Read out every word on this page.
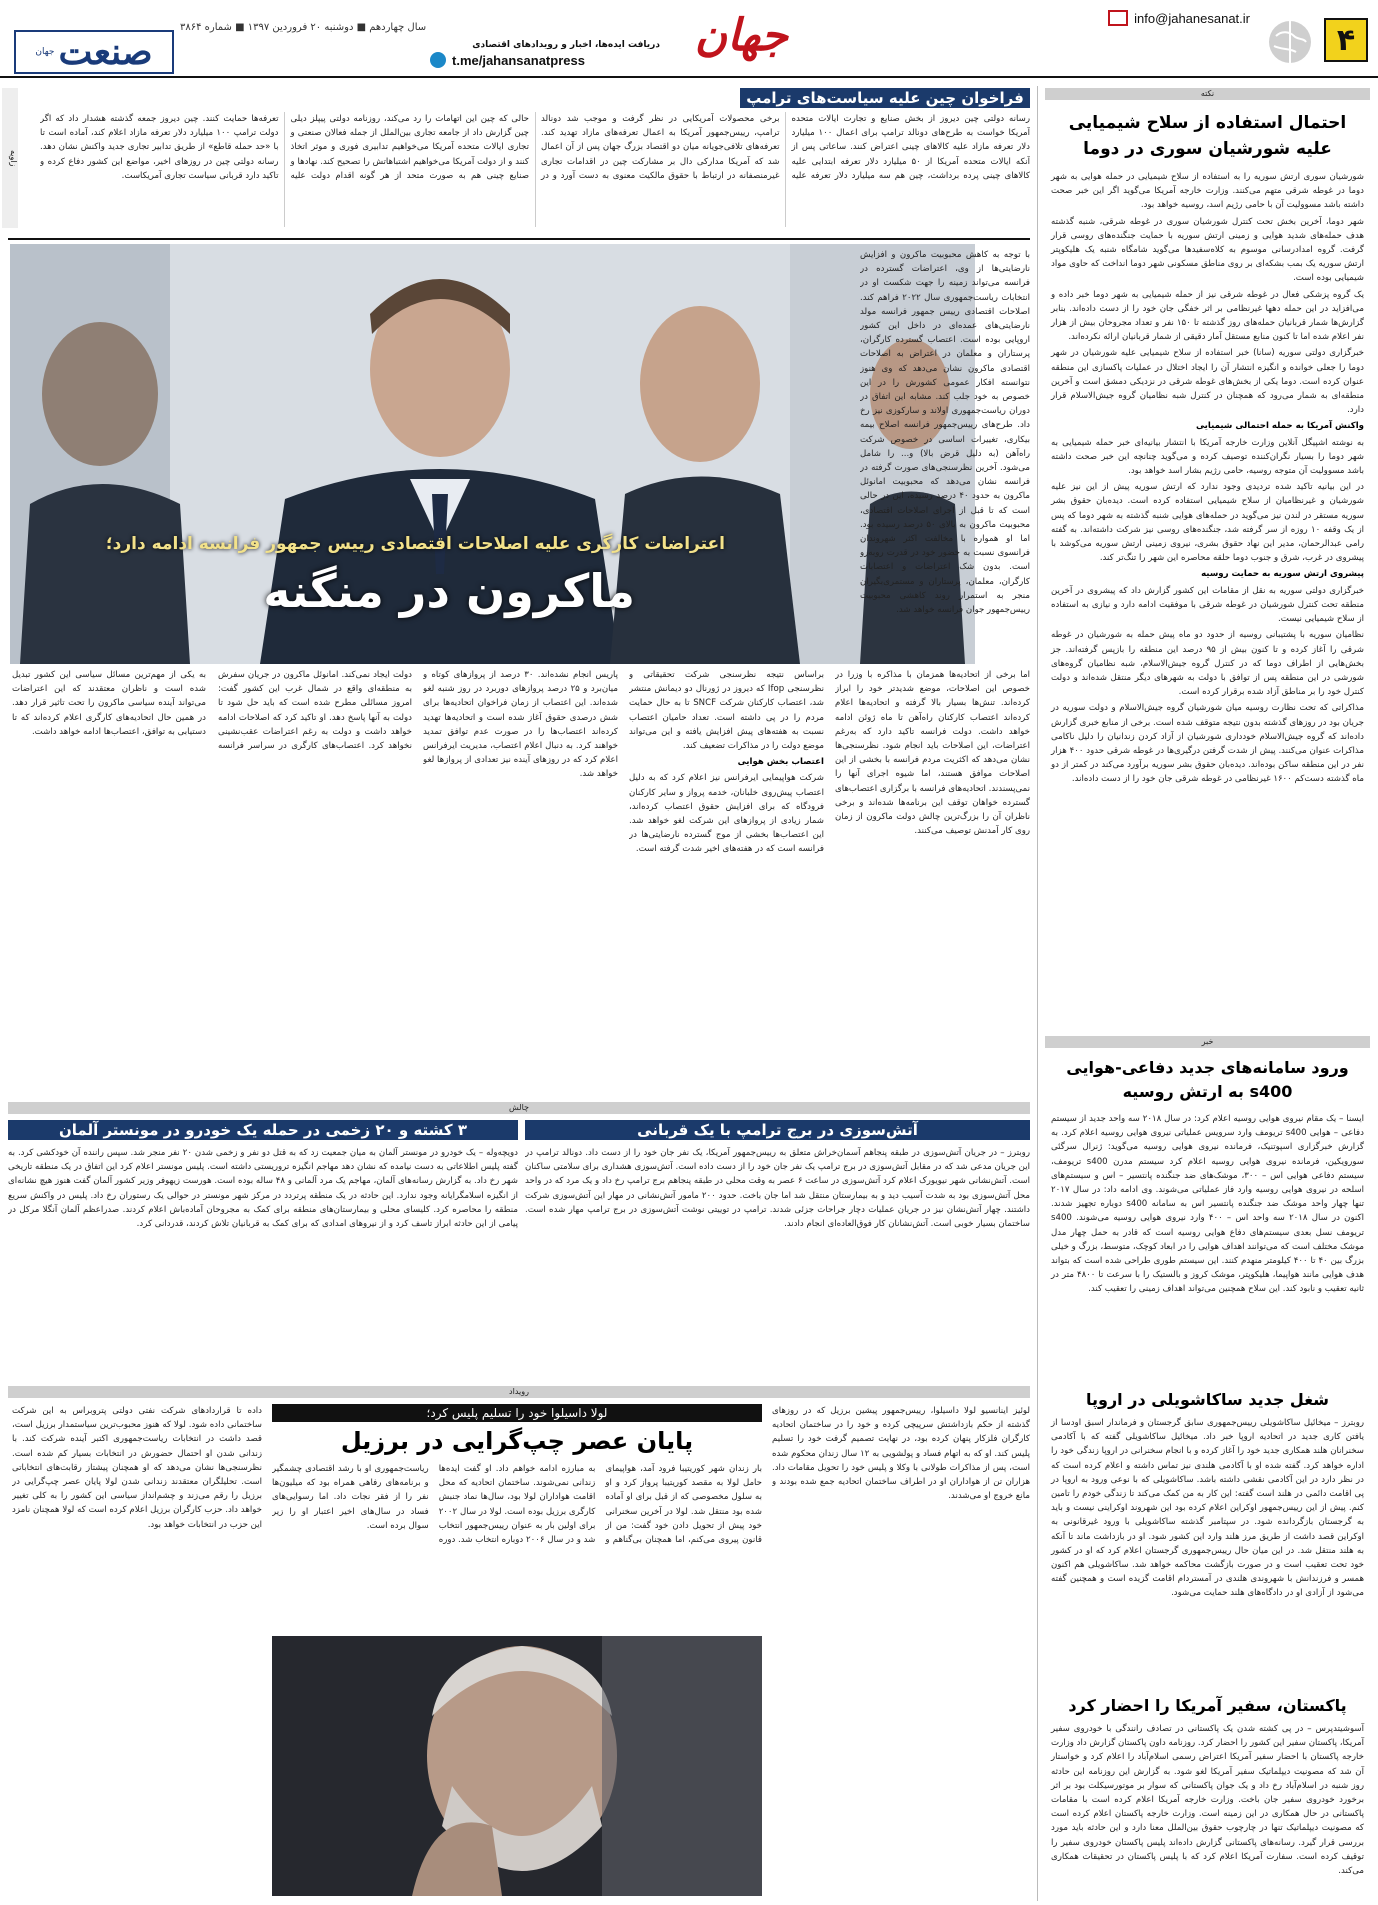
۴
info@jahanesanat.ir
جهان
دریافت ایده‌ها، اخبار و رویدادهای اقتصادی
t.me/jahansanatpress
سال چهاردهم ■ دوشنبه ۲۰ فروردین ۱۳۹۷ ■ شماره ۳۸۶۴
صنعت
جهان
نکته
احتمال استفاده از سلاح شیمیایی علیه شورشیان سوری در دوما

شورشیان سوری ارتش سوریه را به استفاده از سلاح شیمیایی در حمله هوایی به شهر دوما در غوطه شرقی متهم می‌کنند. وزارت خارجه آمریکا می‌گوید اگر این خبر صحت داشته باشد مسوولیت آن با حامی رژیم اسد، روسیه خواهد بود.

شهر دوما، آخرین بخش تحت کنترل شورشیان سوری در غوطه شرقی، شنبه گذشته هدف حمله‌های شدید هوایی و زمینی ارتش سوریه با حمایت جنگنده‌های روسی قرار گرفت. گروه امدادرسانی موسوم به کلاه‌سفیدها می‌گوید شامگاه شنبه یک هلیکوپتر ارتش سوریه یک بمب بشکه‌ای بر روی مناطق مسکونی شهر دوما انداخت که حاوی مواد شیمیایی بوده است.

یک گروه پزشکی فعال در غوطه شرقی نیز از حمله شیمیایی به شهر دوما خبر داده و می‌افزاید در این حمله دهها غیرنظامی بر اثر خفگی جان خود را از دست داده‌اند. بنابر گزارش‌ها شمار قربانیان حمله‌های روز گذشته تا ۱۵۰ نفر و تعداد مجروحان بیش از هزار نفر اعلام شده اما تا کنون منابع مستقل آمار دقیقی از شمار قربانیان ارائه نکرده‌اند.

خبرگزاری دولتی سوریه (سانا) خبر استفاده از سلاح شیمیایی علیه شورشیان در شهر دوما را جعلی خوانده و انگیزه انتشار آن را ایجاد اختلال در عملیات پاکسازی این منطقه عنوان کرده است. دوما یکی از بخش‌های غوطه شرقی در نزدیکی دمشق است و آخرین منطقه‌ای به شمار می‌رود که همچنان در کنترل شبه نظامیان گروه جیش‌الاسلام قرار دارد.

واکنش آمریکا به حمله احتمالی شیمیایی

به نوشته اشپیگل آنلاین وزارت خارجه آمریکا با انتشار بیانیه‌ای خبر حمله شیمیایی به شهر دوما را بسیار نگران‌کننده توصیف کرده و می‌گوید چنانچه این خبر صحت داشته باشد مسوولیت آن متوجه روسیه، حامی رژیم بشار اسد خواهد بود.

در این بیانیه تاکید شده تردیدی وجود ندارد که ارتش سوریه پیش از این نیز علیه شورشیان و غیرنظامیان از سلاح شیمیایی استفاده کرده است. دیده‌بان حقوق بشر سوریه مستقر در لندن نیز می‌گوید در حمله‌های هوایی شنبه گذشته به شهر دوما که پس از یک وقفه ۱۰ روزه از سر گرفته شد، جنگنده‌های روسی نیز شرکت داشته‌اند. به گفته رامی عبدالرحمان، مدیر این نهاد حقوق بشری، نیروی زمینی ارتش سوریه می‌کوشد با پیشروی در غرب، شرق و جنوب دوما حلقه محاصره این شهر را تنگ‌تر کند.

پیشروی ارتش سوریه به حمایت روسیه

خبرگزاری دولتی سوریه به نقل از مقامات این کشور گزارش داد که پیشروی در آخرین منطقه تحت کنترل شورشیان در غوطه شرقی با موفقیت ادامه دارد و نیازی به استفاده از سلاح شیمیایی نیست.

نظامیان سوریه با پشتیبانی روسیه از حدود دو ماه پیش حمله به شورشیان در غوطه شرقی را آغاز کرده و تا کنون بیش از ۹۵ درصد این منطقه را بازپس گرفته‌اند. جز بخش‌هایی از اطراف دوما که در کنترل گروه جیش‌الاسلام، شبه نظامیان گروه‌های شورشی در این منطقه پس از توافق با دولت به شهرهای دیگر منتقل شده‌اند و دولت کنترل خود را بر مناطق آزاد شده برقرار کرده است.

مذاکراتی که تحت نظارت روسیه میان شورشیان گروه جیش‌الاسلام و دولت سوریه در جریان بود در روزهای گذشته بدون نتیجه متوقف شده است. برخی از منابع خبری گزارش داده‌اند که گروه جیش‌الاسلام خودداری شورشیان از آزاد کردن زندانیان را دلیل ناکامی مذاکرات عنوان می‌کنند. پیش از شدت گرفتن درگیری‌ها در غوطه شرقی حدود ۴۰۰ هزار نفر در این منطقه ساکن بوده‌اند. دیده‌بان حقوق بشر سوریه برآورد می‌کند در کمتر از دو ماه گذشته دست‌کم ۱۶۰۰ غیرنظامی در غوطه شرقی جان خود را از دست داده‌اند.

خبر
ورود سامانه‌های جدید دفاعی-هوایی s400 به ارتش روسیه
ایسنا – یک مقام نیروی هوایی روسیه اعلام کرد: در سال ۲۰۱۸ سه واحد جدید از سیستم دفاعی – هوایی s400 تریومف وارد سرویس عملیاتی نیروی هوایی روسیه اعلام کرد. به گزارش خبرگزاری اسپوتنیک، فرمانده نیروی هوایی روسیه می‌گوید: ژنرال سرگئی سورویکین، فرمانده نیروی هوایی روسیه اعلام کرد سیستم مدرن s400 تریومف، سیستم دفاعی هوایی اس – ۳۰۰، موشک‌های ضد جنگنده پانتسیر – اس و سیستم‌های اسلحه در نیروی هوایی روسیه وارد فاز عملیاتی می‌شوند. وی ادامه داد: در سال ۲۰۱۷ تنها چهار واحد موشک ضد جنگنده پانتسیر اس به سامانه s400 دوباره تجهیز شدند. اکنون در سال ۲۰۱۸ سه واحد اس – ۴۰۰ وارد نیروی هوایی روسیه می‌شوند. s400 تریومف نسل بعدی سیستم‌های دفاع هوایی روسیه است که قادر به حمل چهار مدل موشک مختلف است که می‌توانند اهداف هوایی را در ابعاد کوچک، متوسط، بزرگ و خیلی بزرگ بین ۴۰ تا ۴۰۰ کیلومتر منهدم کنند. این سیستم طوری طراحی شده است که بتواند هدف هوایی مانند هواپیما، هلیکوپتر، موشک کروز و بالستیک را با سرعت تا ۴۸۰۰ متر در ثانیه تعقیب و نابود کند. این سلاح همچنین می‌تواند اهداف زمینی را تعقیب کند.
شغل جدید ساکاشویلی در اروپا
روبترز – میخائیل ساکاشویلی رییس‌جمهوری سابق گرجستان و فرماندار اسبق اودسا از یافتن کاری جدید در اتحادیه اروپا خبر داد. میخائیل ساکاشویلی گفته که با آکادمی سخنرانان هلند همکاری جدید خود را آغاز کرده و با انجام سخنرانی در اروپا زندگی خود را اداره خواهد کرد. گفته شده او با آکادمی هلندی نیز تماس داشته و اعلام کرده است که در نظر دارد در این آکادمی نقشی داشته باشد. ساکاشویلی که با نوعی ورود به اروپا در پی اقامت دائمی در هلند است گفته: این کار به من کمک می‌کند تا زندگی خودم را تامین کنم. پیش از این رییس‌جمهور اوکراین اعلام کرده بود این شهروند اوکراینی نیست و باید به گرجستان بازگردانده شود. در سپتامبر گذشته ساکاشویلی با ورود غیرقانونی به اوکراین قصد داشت از طریق مرز هلند وارد این کشور شود. او در بازداشت ماند تا آنکه به هلند منتقل شد. در این میان حال رییس‌جمهوری گرجستان اعلام کرد که او در کشور خود تحت تعقیب است و در صورت بازگشت محاکمه خواهد شد. ساکاشویلی هم اکنون همسر و فرزندانش با شهروندی هلندی در آمستردام اقامت گزیده است و همچنین گفته می‌شود از آزادی او در دادگاه‌های هلند حمایت می‌شود.
پاکستان، سفیر آمریکا را احضار کرد
آسوشیتدپرس – در پی کشته شدن یک پاکستانی در تصادف رانندگی با خودروی سفیر آمریکا، پاکستان سفیر این کشور را احضار کرد. روزنامه داون پاکستان گزارش داد وزارت خارجه پاکستان با احضار سفیر آمریکا اعتراض رسمی اسلام‌آباد را اعلام کرد و خواستار آن شد که مصونیت دیپلماتیک سفیر آمریکا لغو شود. به گزارش این روزنامه این حادثه روز شنبه در اسلام‌آباد رخ داد و یک جوان پاکستانی که سوار بر موتورسیکلت بود بر اثر برخورد خودروی سفیر جان باخت. وزارت خارجه آمریکا اعلام کرده است با مقامات پاکستانی در حال همکاری در این زمینه است. وزارت خارجه پاکستان اعلام کرده است که مصونیت دیپلماتیک تنها در چارچوب حقوق بین‌الملل معنا دارد و این حادثه باید مورد بررسی قرار گیرد. رسانه‌های پاکستانی گزارش داده‌اند پلیس پاکستان خودروی سفیر را توقیف کرده است. سفارت آمریکا اعلام کرد که با پلیس پاکستان در تحقیقات همکاری می‌کند.
فراخوان چین علیه سیاست‌های ترامپ
رسانه دولتی چین دیروز از بخش صنایع و تجارت ایالات متحده آمریکا خواست به طرح‌های دونالد ترامپ برای اعمال ۱۰۰ میلیارد دلار تعرفه مازاد علیه کالاهای چینی اعتراض کنند. ساعاتی پس از آنکه ایالات متحده آمریکا از ۵۰ میلیارد دلار تعرفه ابتدایی علیه کالاهای چینی پرده برداشت، چین هم سه میلیارد دلار تعرفه علیه برخی محصولات آمریکایی در نظر گرفت و موجب شد دونالد ترامپ، رییس‌جمهور آمریکا به اعمال تعرفه‌های مازاد تهدید کند. تعرفه‌های تلافی‌جویانه میان دو اقتصاد بزرگ جهان پس از آن اعمال شد که آمریکا مدارکی دال بر مشارکت چین در اقدامات تجاری غیرمنصفانه در ارتباط با حقوق مالکیت معنوی به دست آورد و در حالی که چین این اتهامات را رد می‌کند، روزنامه دولتی پیپلز دیلی چین گزارش داد از جامعه تجاری بین‌الملل از جمله فعالان صنعتی و تجاری ایالات متحده آمریکا می‌خواهیم تدابیری فوری و موثر اتخاذ کنند و از دولت آمریکا می‌خواهیم اشتباهاتش را تصحیح کند. نهادها و صنایع چینی هم به صورت متحد از هر گونه اقدام دولت علیه تعرفه‌ها حمایت کنند. چین دیروز جمعه گذشته هشدار داد که اگر دولت ترامپ ۱۰۰ میلیارد دلار تعرفه مازاد اعلام کند، آماده است تا با «حد حمله قاطع» از طریق تدابیر تجاری جدید واکنش نشان دهد. رسانه دولتی چین در روزهای اخیر، مواضع این کشور دفاع کرده و تاکید دارد قربانی سیاست تجاری آمریکاست.
زاویه
اعتراضات کارگری علیه اصلاحات اقتصادی رییس جمهور فرانسه ادامه دارد؛
ماکرون در منگنه
با توجه به کاهش محبوبیت ماکرون و افزایش نارضایتی‌ها از وی، اعتراضات گسترده در فرانسه می‌تواند زمینه را جهت شکست او در انتخابات ریاست‌جمهوری سال ۲۰۲۲ فراهم کند. اصلاحات اقتصادی رییس جمهور فرانسه مولد نارضایتی‌های عمده‌ای در داخل این کشور اروپایی بوده است. اعتصاب گسترده کارگران، پرستاران و معلمان در اعتراض به اصلاحات اقتصادی ماکرون نشان می‌دهد که وی هنوز نتوانسته افکار عمومی کشورش را در این خصوص به خود جلب کند. مشابه این اتفاق در دوران ریاست‌جمهوری اولاند و سارکوزی نیز رخ داد. طرح‌های رییس‌جمهور فرانسه اصلاح بیمه بیکاری، تغییرات اساسی در خصوص شرکت راه‌آهن (به دلیل قرض بالا) و... را شامل می‌شود. آخرین نظرسنجی‌های صورت گرفته در فرانسه نشان می‌دهد که محبوبیت امانوئل ماکرون به حدود ۴۰ درصد رسیده، این در حالی است که تا قبل از اجرای اصلاحات اقتصادی، محبوبیت ماکرون به بالای ۵۰ درصد رسیده بود. اما او همواره با مخالفت اکثر شهروندان فرانسوی نسبت به حضور خود در قدرت روبه‌رو است. بدون شک اعتراضات و اعتصابات کارگران، معلمان، پرستاران و مستمری‌بگیران منجر به استمرار روند کاهشی محبوبیت رییس‌جمهور جوان فرانسه خواهد شد.
اما برخی از اتحادیه‌ها همزمان با مذاکره با وزرا در خصوص این اصلاحات، موضع شدیدتر خود را ابراز کرده‌اند. تنش‌ها بسیار بالا گرفته و اتحادیه‌ها اعلام کرده‌اند اعتصاب کارکنان راه‌آهن تا ماه ژوئن ادامه خواهد داشت. دولت فرانسه تاکید دارد که به‌رغم اعتراضات، این اصلاحات باید انجام شود. نظرسنجی‌ها نشان می‌دهد که اکثریت مردم فرانسه با بخشی از این اصلاحات موافق هستند، اما شیوه اجرای آنها را نمی‌پسندند. اتحادیه‌های فرانسه با برگزاری اعتصاب‌های گسترده خواهان توقف این برنامه‌ها شده‌اند و برخی ناظران آن را بزرگ‌ترین چالش دولت ماکرون از زمان روی کار آمدنش توصیف می‌کنند.

براساس نتیجه نظرسنجی شرکت تحقیقاتی و نظرسنجی Ifop که دیروز در ژورنال دو دیمانش منتشر شد، اعتصاب کارکنان شرکت SNCF تا به حال حمایت مردم را در پی داشته است. تعداد حامیان اعتصاب نسبت به هفته‌های پیش افزایش یافته و این می‌تواند موضع دولت را در مذاکرات تضعیف کند.

اعتصاب بخش هوایی

شرکت هواپیمایی ایرفرانس نیز اعلام کرد که به دلیل اعتصاب پیش‌روی خلبانان، خدمه پرواز و سایر کارکنان فرودگاه که برای افزایش حقوق اعتصاب کرده‌اند، شمار زیادی از پروازهای این شرکت لغو خواهد شد. این اعتصاب‌ها بخشی از موج گسترده نارضایتی‌ها در فرانسه است که در هفته‌های اخیر شدت گرفته است.

پاریس انجام نشده‌اند. ۳۰ درصد از پروازهای کوتاه و میان‌برد و ۲۵ درصد پروازهای دوربرد در روز شنبه لغو شده‌اند. این اعتصاب از زمان فراخوان اتحادیه‌ها برای شش درصدی حقوق آغاز شده است و اتحادیه‌ها تهدید کرده‌اند اعتصاب‌ها را در صورت عدم توافق تمدید خواهند کرد. به دنبال اعلام اعتصاب، مدیریت ایرفرانس اعلام کرد که در روزهای آینده نیز تعدادی از پروازها لغو خواهد شد.
دولت ایجاد نمی‌کند. امانوئل ماکرون در جریان سفرش به منطقه‌ای واقع در شمال غرب این کشور گفت: امروز مسائلی مطرح شده است که باید حل شود تا دولت به آنها پاسخ دهد. او تاکید کرد که اصلاحات ادامه خواهد داشت و دولت به رغم اعتراضات عقب‌نشینی نخواهد کرد. اعتصاب‌های کارگری در سراسر فرانسه به یکی از مهم‌ترین مسائل سیاسی این کشور تبدیل شده است و ناظران معتقدند که این اعتراضات می‌تواند آینده سیاسی ماکرون را تحت تاثیر قرار دهد. در همین حال اتحادیه‌های کارگری اعلام کرده‌اند که تا دستیابی به توافق، اعتصاب‌ها ادامه خواهد داشت.
چالش
آتش‌سوزی در برج ترامپ با یک قربانی
روبترز – در جریان آتش‌سوزی در طبقه پنجاهم آسمان‌خراش متعلق به رییس‌جمهور آمریکا، یک نفر جان خود را از دست داد. دونالد ترامپ در این جریان مدعی شد که در مقابل آتش‌سوزی در برج ترامپ یک نفر جان خود را از دست داده است. آتش‌سوزی هشداری برای سلامتی ساکنان است. آتش‌نشانی شهر نیویورک اعلام کرد آتش‌سوزی در ساعت ۶ عصر به وقت محلی در طبقه پنجاهم برج ترامپ رخ داد و یک مرد که در واحد محل آتش‌سوزی بود به شدت آسیب دید و به بیمارستان منتقل شد اما جان باخت. حدود ۲۰۰ مامور آتش‌نشانی در مهار این آتش‌سوزی شرکت داشتند. چهار آتش‌نشان نیز در جریان عملیات دچار جراحات جزئی شدند. ترامپ در توییتی نوشت آتش‌سوزی در برج ترامپ مهار شده است. ساختمان بسیار خوبی است. آتش‌نشانان کار فوق‌العاده‌ای انجام دادند.
۳ کشته و ۲۰ زخمی در حمله یک خودرو در مونستر آلمان
دویچه‌وله – یک خودرو در مونستر آلمان به میان جمعیت زد که به قتل دو نفر و زخمی شدن ۲۰ نفر منجر شد. سپس راننده آن خودکشی کرد. به گفته پلیس اطلاعاتی به دست نیامده که نشان دهد مهاجم انگیزه تروریستی داشته است. پلیس مونستر اعلام کرد این اتفاق در یک منطقه تاریخی شهر رخ داد. به گزارش رسانه‌های آلمان، مهاجم یک مرد آلمانی و ۴۸ ساله بوده است. هورست زیهوفر وزیر کشور آلمان گفت هنوز هیچ نشانه‌ای از انگیزه اسلامگرایانه وجود ندارد. این حادثه در یک منطقه پرتردد در مرکز شهر مونستر در حوالی یک رستوران رخ داد. پلیس در واکنش سریع منطقه را محاصره کرد. کلیسای محلی و بیمارستان‌های منطقه برای کمک به مجروحان آماده‌باش اعلام کردند. صدراعظم آلمان آنگلا مرکل در پیامی از این حادثه ابراز تاسف کرد و از نیروهای امدادی که برای کمک به قربانیان تلاش کردند، قدردانی کرد.
رویداد
لوئیز اینانسیو لولا داسیلوا، رییس‌جمهور پیشین برزیل که در روزهای گذشته از حکم بازداشتش سرپیچی کرده و خود را در ساختمان اتحادیه کارگران فلزکار پنهان کرده بود، در نهایت تصمیم گرفت خود را تسلیم پلیس کند. او که به اتهام فساد و پولشویی به ۱۲ سال زندان محکوم شده است، پس از مذاکرات طولانی با وکلا و پلیس خود را تحویل مقامات داد. هزاران تن از هواداران او در اطراف ساختمان اتحادیه جمع شده بودند و مانع خروج او می‌شدند.
لولا داسیلوا خود را تسلیم پلیس کرد؛
پایان عصر چپ‌گرایی در برزیل
بار زندان شهر کوریتیبا فرود آمد، هواپیمای حامل لولا به مقصد کوریتیبا پرواز کرد و او به سلول مخصوصی که از قبل برای او آماده شده بود منتقل شد. لولا در آخرین سخنرانی خود پیش از تحویل دادن خود گفت: من از قانون پیروی می‌کنم، اما همچنان بی‌گناهم و به مبارزه ادامه خواهم داد. او گفت ایده‌ها زندانی نمی‌شوند. ساختمان اتحادیه که محل اقامت هواداران لولا بود، سال‌ها نماد جنبش کارگری برزیل بوده است. لولا در سال ۲۰۰۲ برای اولین بار به عنوان رییس‌جمهور انتخاب شد و در سال ۲۰۰۶ دوباره انتخاب شد. دوره ریاست‌جمهوری او با رشد اقتصادی چشمگیر و برنامه‌های رفاهی همراه بود که میلیون‌ها نفر را از فقر نجات داد. اما رسوایی‌های فساد در سال‌های اخیر اعتبار او را زیر سوال برده است.
داده تا قرارداد‌های شرکت نفتی دولتی پتروبراس به این شرکت ساختمانی داده شود. لولا که هنوز محبوب‌ترین سیاستمدار برزیل است، قصد داشت در انتخابات ریاست‌جمهوری اکتبر آینده شرکت کند. با زندانی شدن او احتمال حضورش در انتخابات بسیار کم شده است. نظرسنجی‌ها نشان می‌دهد که او همچنان پیشتاز رقابت‌های انتخاباتی است. تحلیلگران معتقدند زندانی شدن لولا پایان عصر چپ‌گرایی در برزیل را رقم می‌زند و چشم‌انداز سیاسی این کشور را به کلی تغییر خواهد داد. حزب کارگران برزیل اعلام کرده است که لولا همچنان نامزد این حزب در انتخابات خواهد بود.
